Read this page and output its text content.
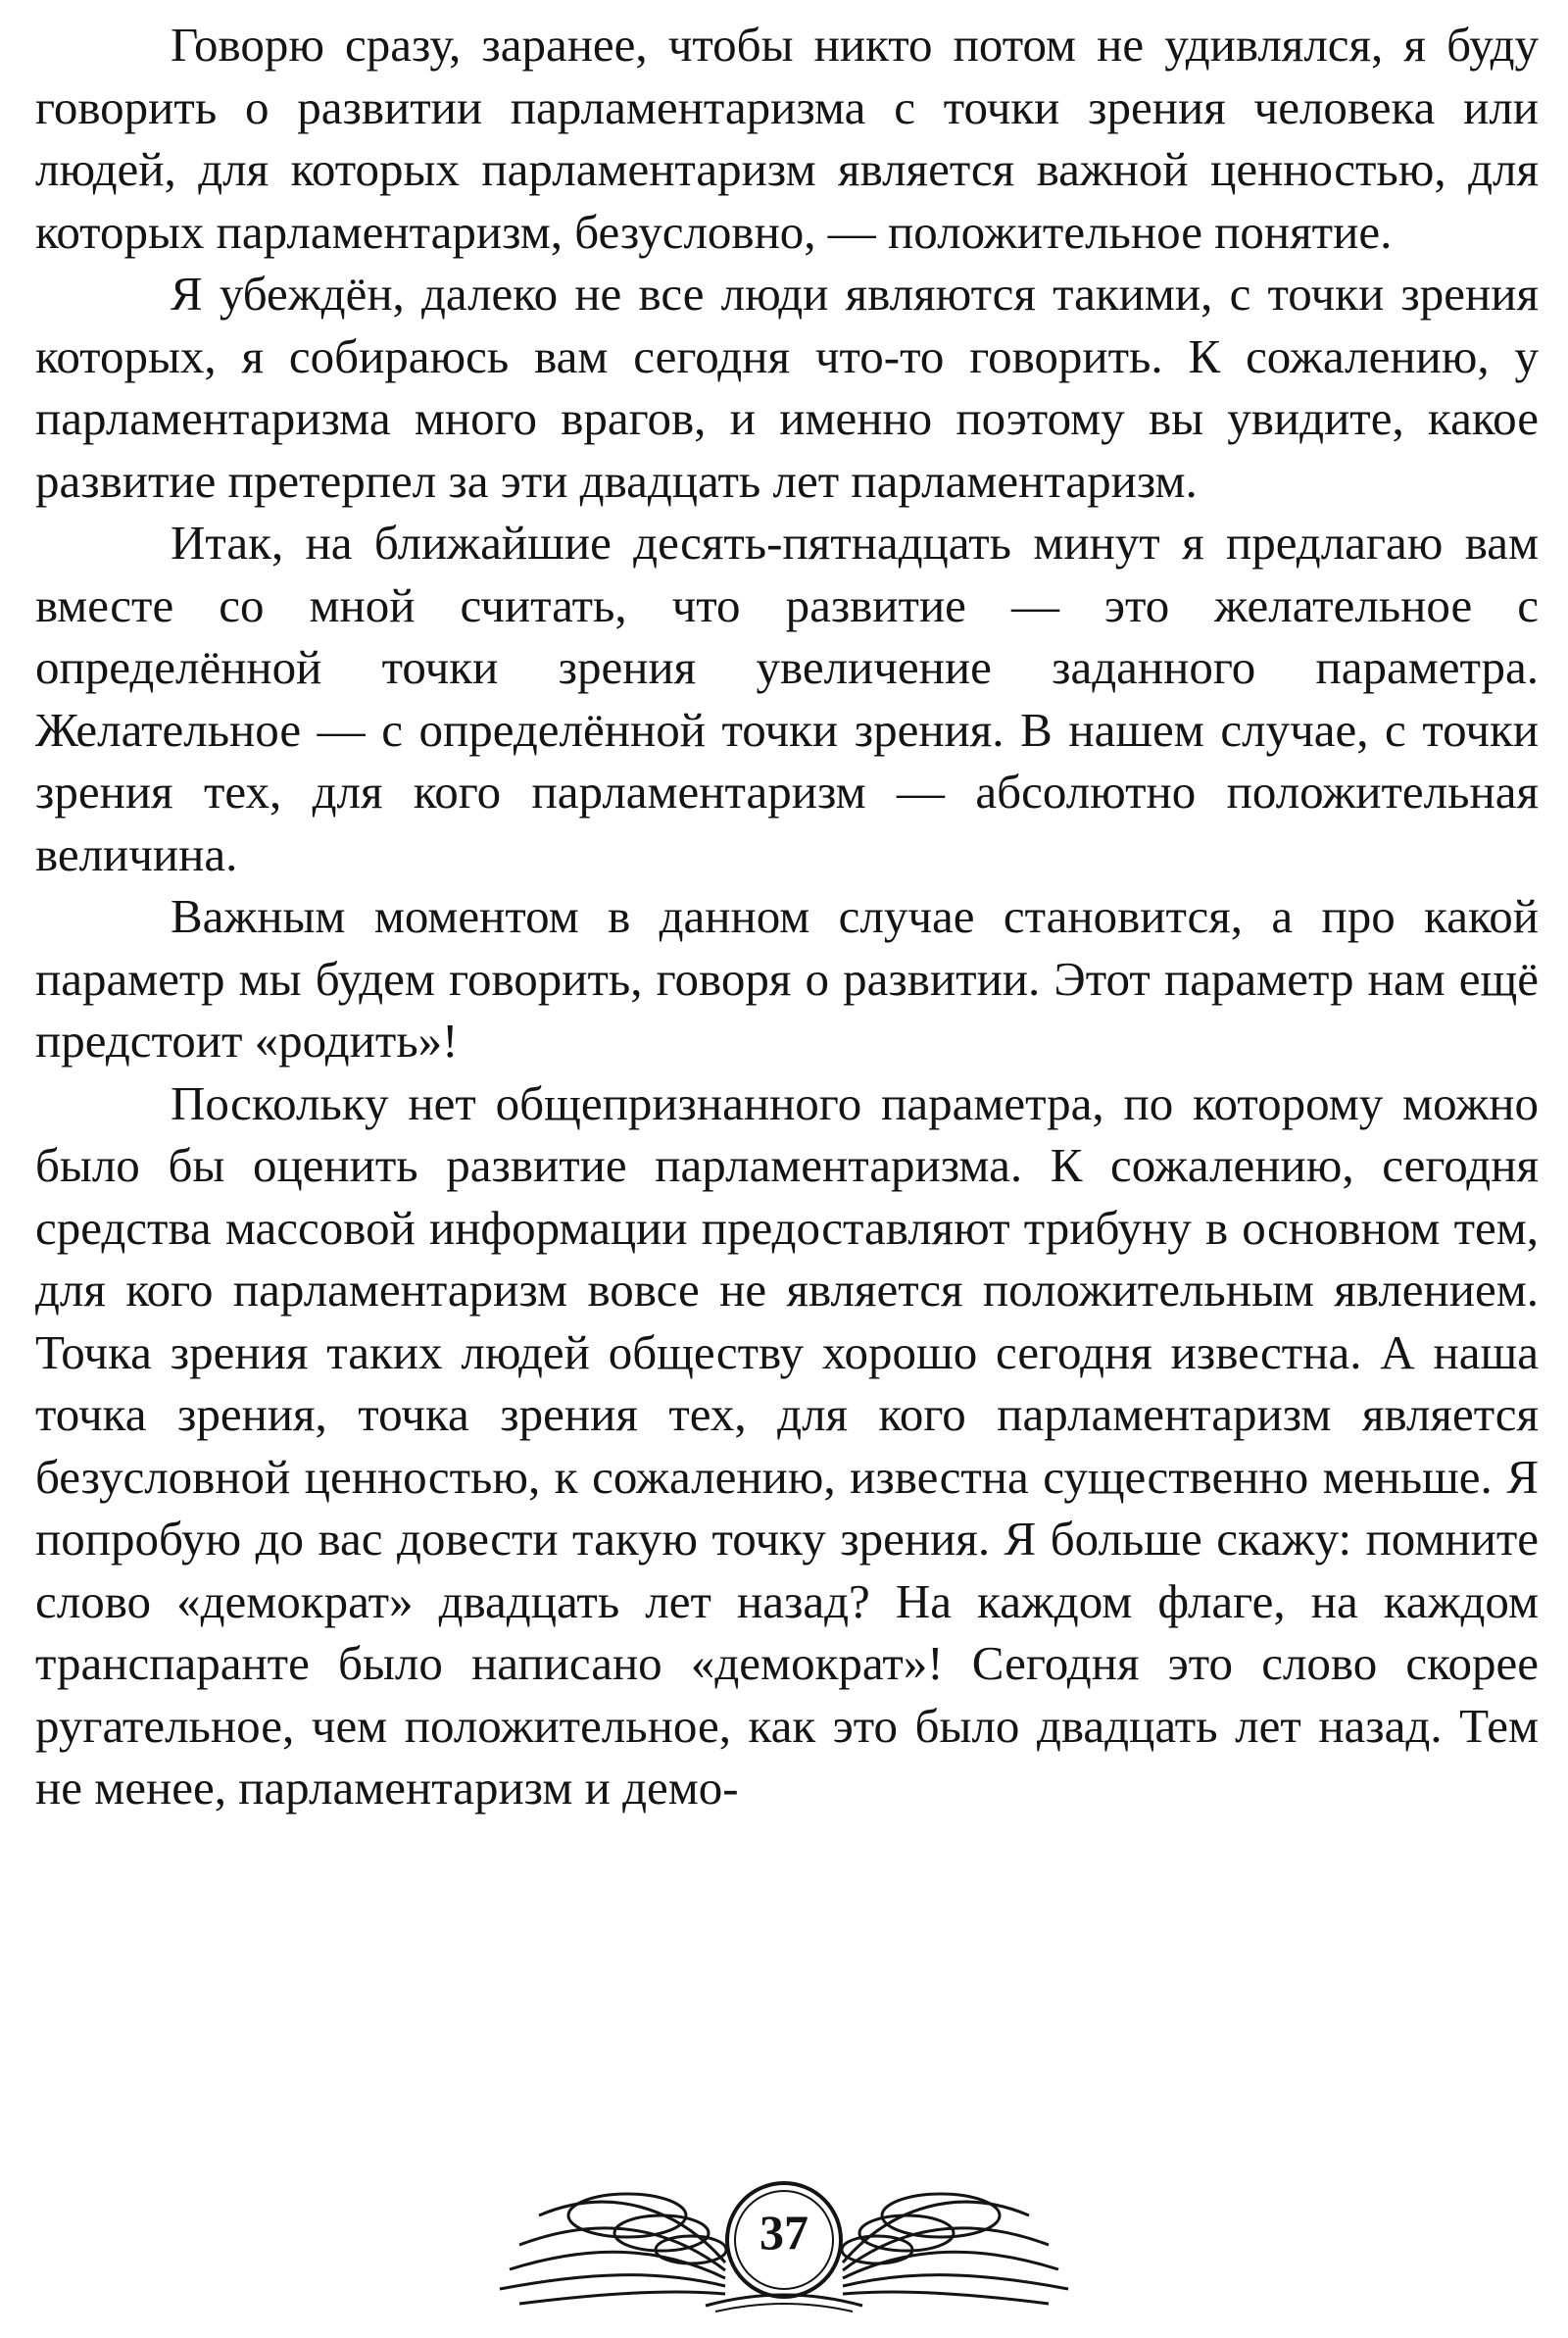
Говорю сразу, заранее, чтобы никто потом не удивлялся, я буду говорить о развитии парламентаризма с точки зрения человека или людей, для которых парламентаризм является важной ценностью, для которых парламентаризм, безусловно, — положительное понятие.

Я убеждён, далеко не все люди являются такими, с точки зрения которых, я собираюсь вам сегодня что-то говорить. К сожалению, у парламентаризма много врагов, и именно поэтому вы увидите, какое развитие претерпел за эти двадцать лет парламентаризм.

Итак, на ближайшие десять-пятнадцать минут я предлагаю вам вместе со мной считать, что развитие — это желательное с определённой точки зрения увеличение заданного параметра. Желательное — с определённой точки зрения. В нашем случае, с точки зрения тех, для кого парламентаризм — абсолютно положительная величина.

Важным моментом в данном случае становится, а про какой параметр мы будем говорить, говоря о развитии. Этот параметр нам ещё предстоит «родить»!

Поскольку нет общепризнанного параметра, по которому можно было бы оценить развитие парламентаризма. К сожалению, сегодня средства массовой информации предоставляют трибуну в основном тем, для кого парламентаризм вовсе не является положительным явлением. Точка зрения таких людей обществу хорошо сегодня известна. А наша точка зрения, точка зрения тех, для кого парламентаризм является безусловной ценностью, к сожалению, известна существенно меньше. Я попробую до вас довести такую точку зрения. Я больше скажу: помните слово «демократ» двадцать лет назад? На каждом флаге, на каждом транспаранте было написано «демократ»! Сегодня это слово скорее ругательное, чем положительное, как это было двадцать лет назад. Тем не менее, парламентаризм и демо-

37
